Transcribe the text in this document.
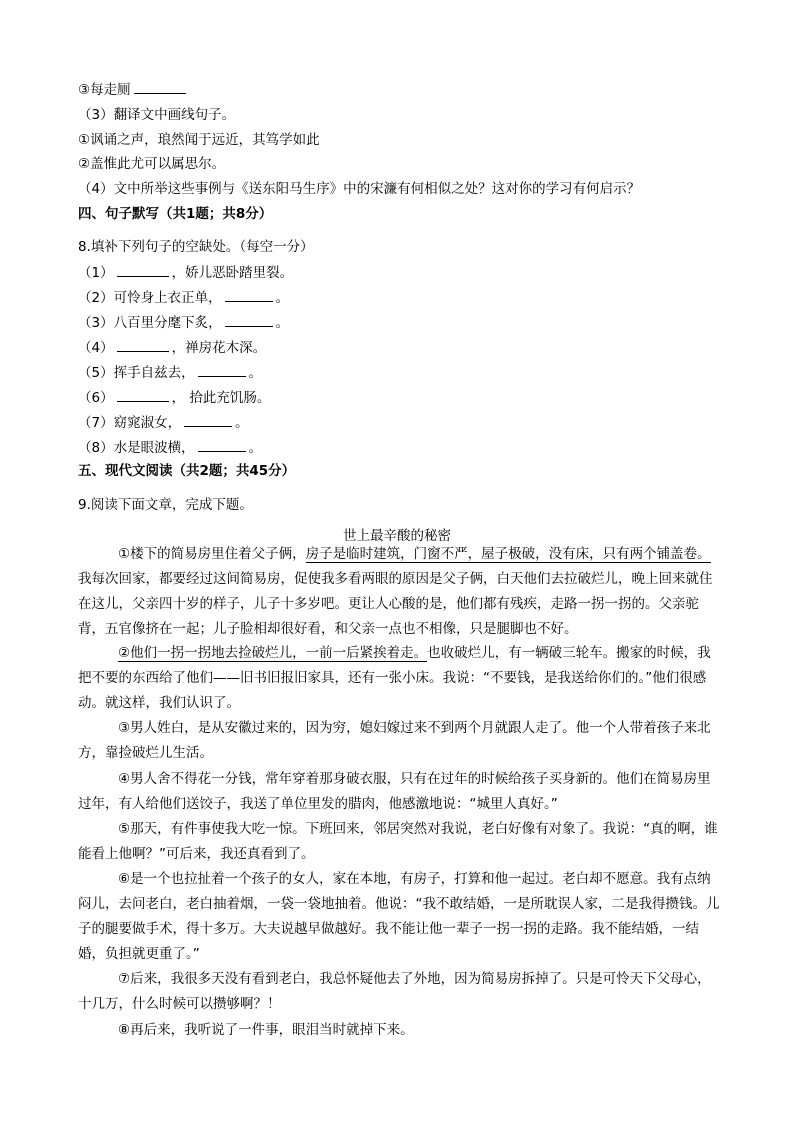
③每走厕
（3）翻译文中画线句子。
①讽诵之声，琅然闻于远近，其笃学如此
②盖惟此尤可以属思尔。
（4）文中所举这些事例与《送东阳马生序》中的宋濂有何相似之处？这对你的学习有何启示？
四、句子默写（共1题；共8分）
8.填补下列句子的空缺处。（每空一分）
（1）	，娇儿恶卧踏里裂。
（2）可怜身上衣正单，	。
（3）八百里分麾下炙，	。
（4）	，禅房花木深。
（5）挥手自兹去，	。
（6）	， 拾此充饥肠。
（7）窈窕淑女，	。
（8）水是眼波横，	。
五、现代文阅读（共2题；共45分）
9.阅读下面文章，完成下题。
世上最辛酸的秘密
①楼下的简易房里住着父子俩，房子是临时建筑，门窗不严，屋子极破，没有床，只有两个铺盖卷。我每次回家，都要经过这间简易房，促使我多看两眼的原因是父子俩，白天他们去拉破烂儿，晚上回来就住在这儿，父亲四十岁的样子，儿子十多岁吧。更让人心酸的是，他们都有残疾，走路一拐一拐的。父亲驼背，五官像挤在一起；儿子脸相却很好看，和父亲一点也不相像，只是腿脚也不好。
②他们一拐一拐地去捡破烂儿，一前一后紧挨着走。也收破烂儿，有一辆破三轮车。搬家的时候，我把不要的东西给了他们——旧书旧报旧家具，还有一张小床。我说：“不要钱，是我送给你们的。”他们很感动。就这样，我们认识了。
③男人姓白，是从安徽过来的，因为穷，媳妇嫁过来不到两个月就跟人走了。他一个人带着孩子来北方，靠捡破烂儿生活。
④男人舍不得花一分钱，常年穿着那身破衣服，只有在过年的时候给孩子买身新的。他们在简易房里过年，有人给他们送饺子，我送了单位里发的腊肉，他感激地说：“城里人真好。”
⑤那天，有件事使我大吃一惊。下班回来，邻居突然对我说，老白好像有对象了。我说：“真的啊，谁能看上他啊？”可后来，我还真看到了。
⑥是一个也拉扯着一个孩子的女人，家在本地，有房子，打算和他一起过。老白却不愿意。我有点纳闷儿，去问老白，老白抽着烟，一袋一袋地抽着。他说：“我不敢结婚，一是所耽误人家，二是我得攒钱。儿子的腿要做手术，得十多万。大夫说越早做越好。我不能让他一辈子一拐一拐的走路。我不能结婚，一结婚，负担就更重了。”
⑦后来，我很多天没有看到老白，我总怀疑他去了外地，因为简易房拆掉了。只是可怜天下父母心，十几万，什么时候可以攒够啊？！
⑧再后来，我听说了一件事，眼泪当时就掉下来。
